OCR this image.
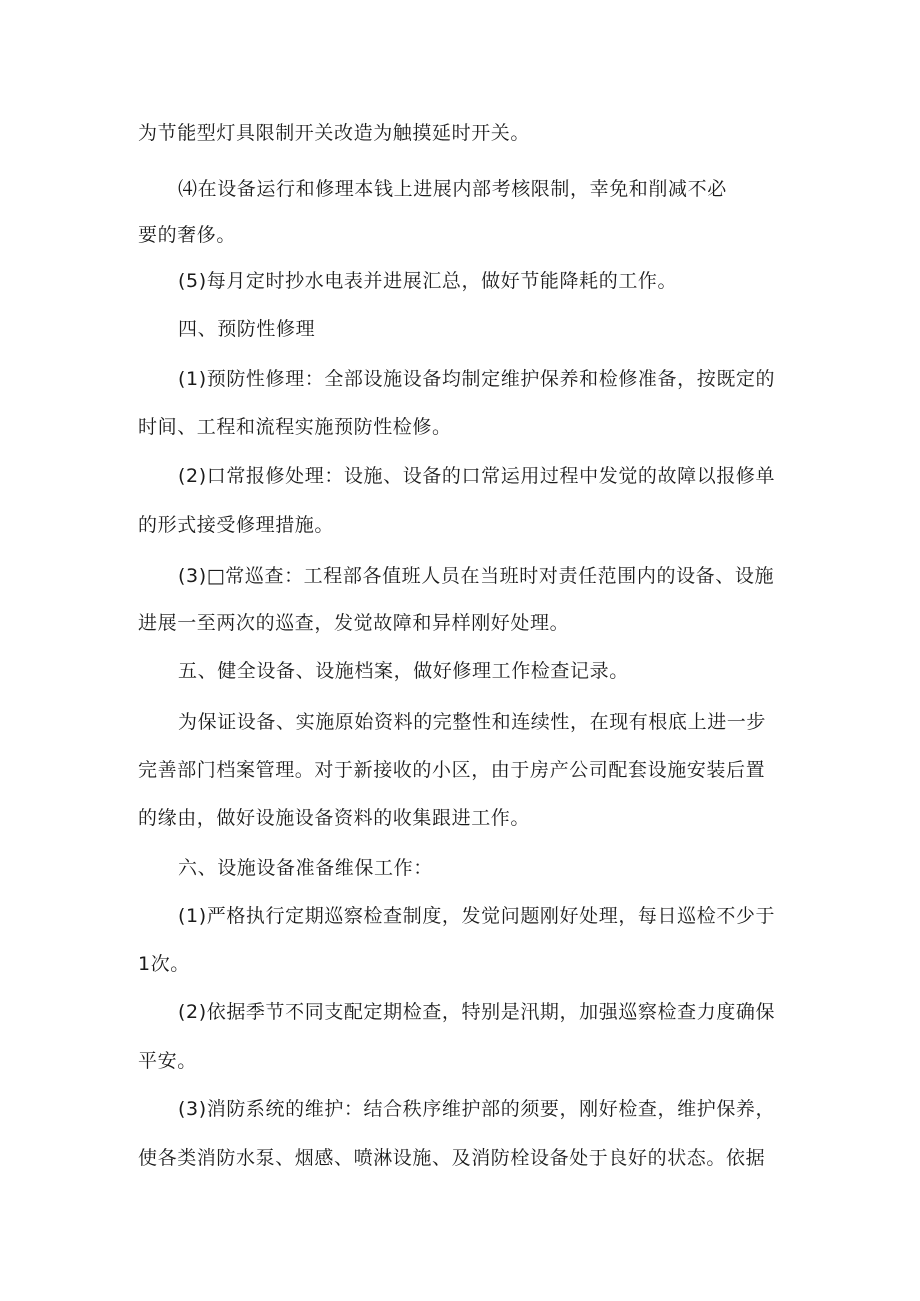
为节能型灯具限制开关改造为触摸延时开关。
⑷在设备运行和修理本钱上进展内部考核限制，幸免和削减不必
要的奢侈。
(5)每月定时抄水电表并进展汇总，做好节能降耗的工作。
四、预防性修理
(1)预防性修理：全部设施设备均制定维护保养和检修准备，按既定的
时间、工程和流程实施预防性检修。
(2)口常报修处理：设施、设备的口常运用过程中发觉的故障以报修单
的形式接受修理措施。
(3)□常巡查：工程部各值班人员在当班时对责任范围内的设备、设施
进展一至两次的巡查，发觉故障和异样刚好处理。
五、健全设备、设施档案，做好修理工作检查记录。
为保证设备、实施原始资料的完整性和连续性，在现有根底上进一步
完善部门档案管理。对于新接收的小区，由于房产公司配套设施安装后置
的缘由，做好设施设备资料的收集跟进工作。
六、设施设备准备维保工作：
(1)严格执行定期巡察检查制度，发觉问题刚好处理，每日巡检不少于
1次。
(2)依据季节不同支配定期检查，特别是汛期，加强巡察检查力度确保
平安。
(3)消防系统的维护：结合秩序维护部的须要，刚好检查，维护保养，
使各类消防水泵、烟感、喷淋设施、及消防栓设备处于良好的状态。依据
